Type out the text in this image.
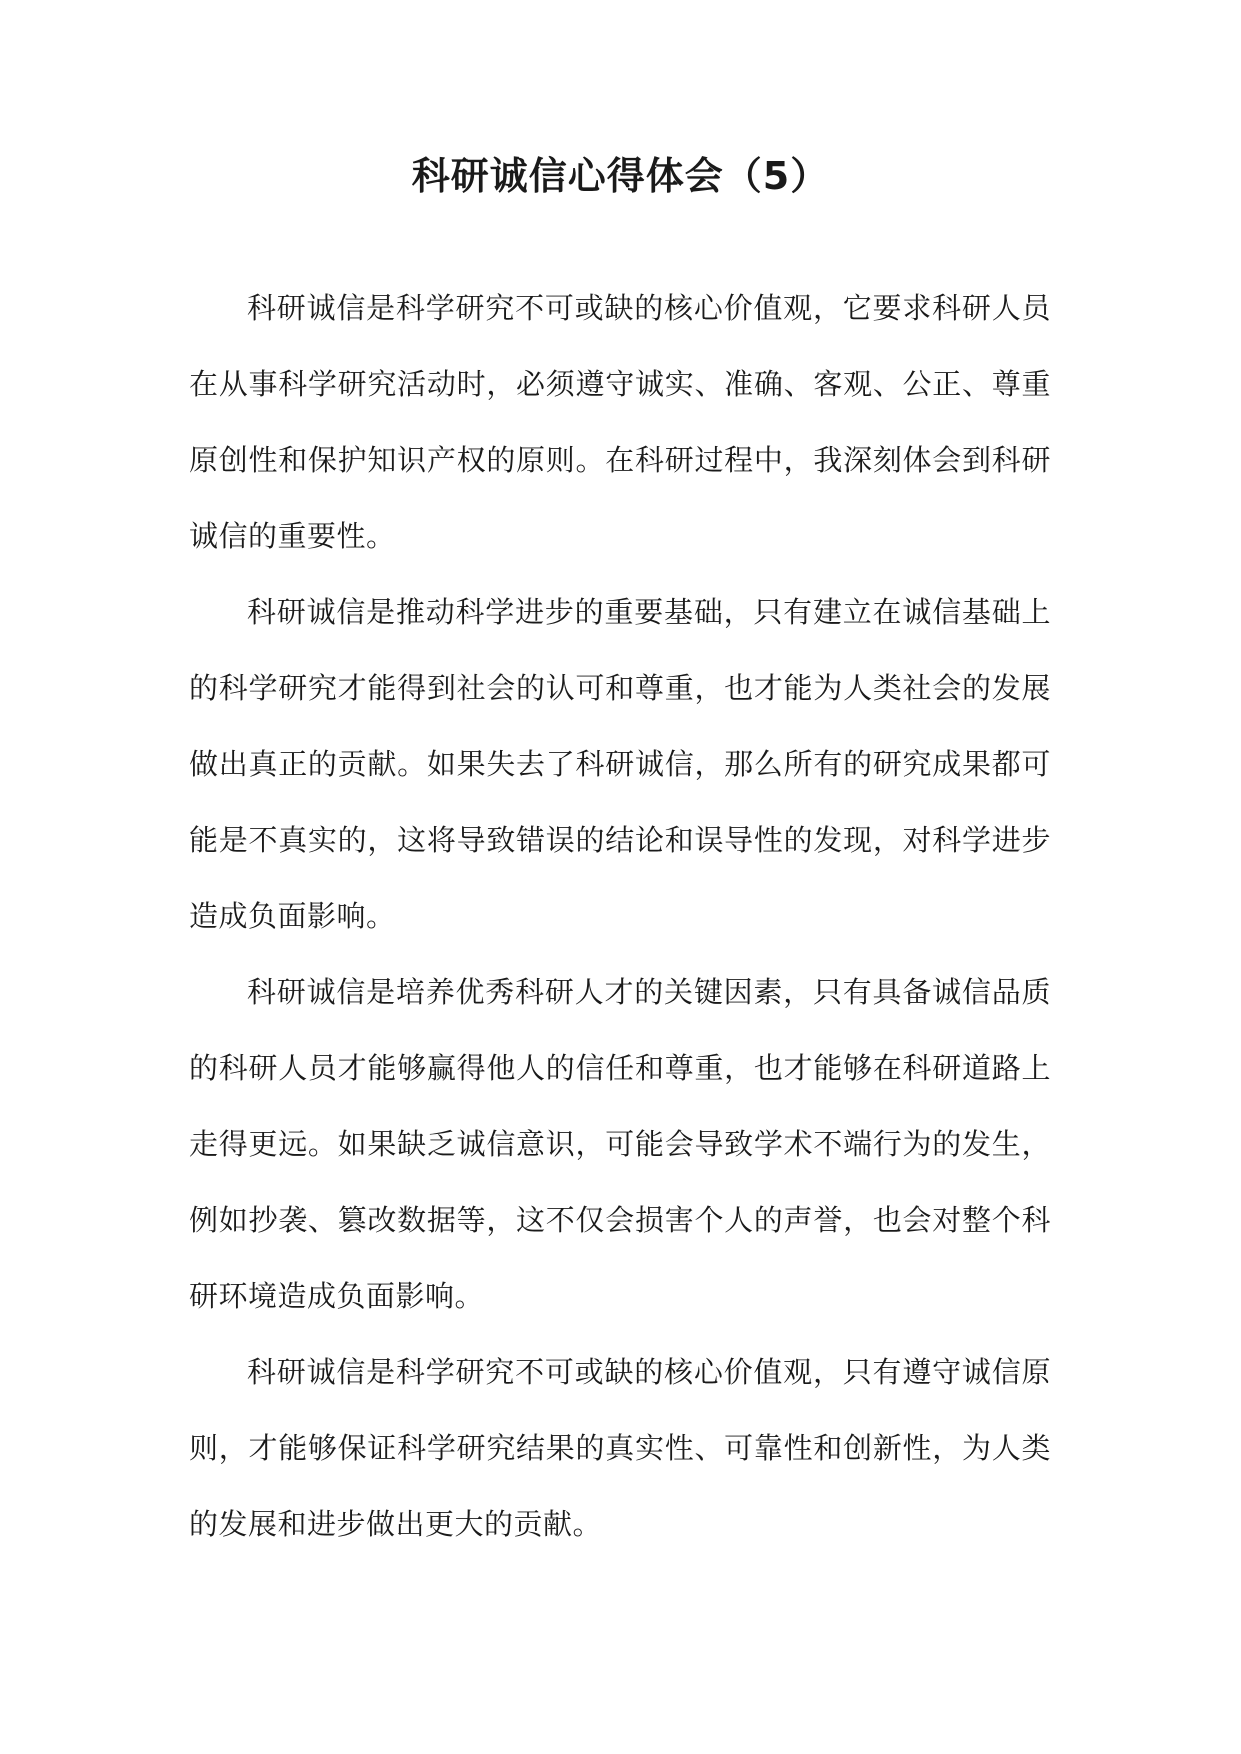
科研诚信心得体会（5）

科研诚信是科学研究不可或缺的核心价值观，它要求科研人员在从事科学研究活动时，必须遵守诚实、准确、客观、公正、尊重原创性和保护知识产权的原则。在科研过程中，我深刻体会到科研诚信的重要性。

科研诚信是推动科学进步的重要基础，只有建立在诚信基础上的科学研究才能得到社会的认可和尊重，也才能为人类社会的发展做出真正的贡献。如果失去了科研诚信，那么所有的研究成果都可能是不真实的，这将导致错误的结论和误导性的发现，对科学进步造成负面影响。

科研诚信是培养优秀科研人才的关键因素，只有具备诚信品质的科研人员才能够赢得他人的信任和尊重，也才能够在科研道路上走得更远。如果缺乏诚信意识，可能会导致学术不端行为的发生，例如抄袭、篡改数据等，这不仅会损害个人的声誉，也会对整个科研环境造成负面影响。

科研诚信是科学研究不可或缺的核心价值观，只有遵守诚信原则，才能够保证科学研究结果的真实性、可靠性和创新性，为人类的发展和进步做出更大的贡献。
